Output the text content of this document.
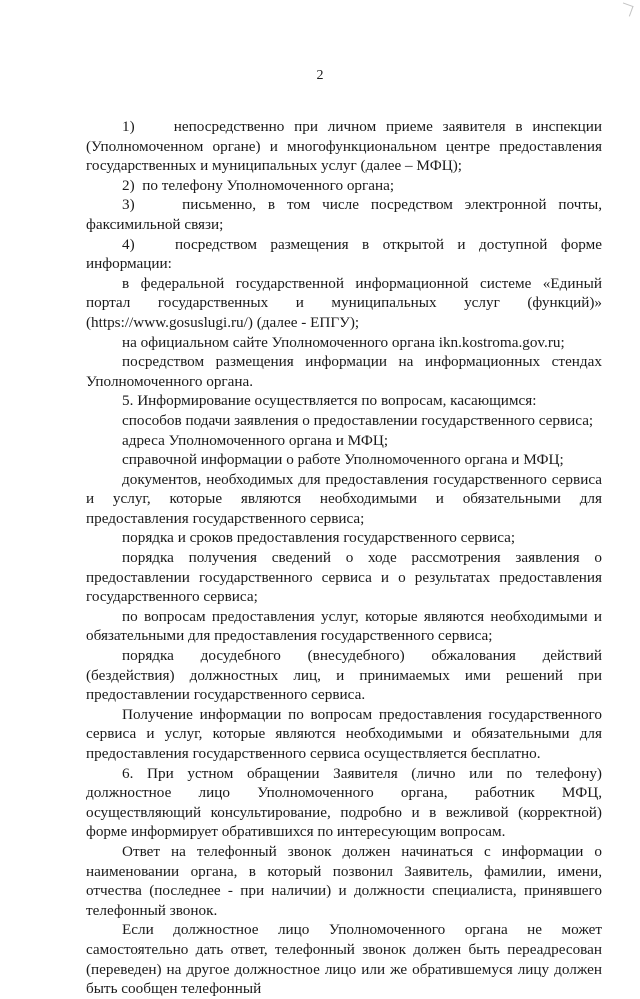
2

1)    непосредственно при личном приеме заявителя в инспекции (Уполномоченном органе) и многофункциональном центре предоставления государственных и муниципальных услуг (далее – МФЦ);

2)  по телефону Уполномоченного органа;

3)    письменно, в том числе посредством электронной почты, факсимильной связи;

4)   посредством размещения в открытой и доступной форме информации:

в федеральной государственной информационной системе «Единый портал государственных и муниципальных услуг (функций)» (https://www.gosuslugi.ru/) (далее - ЕПГУ);

на официальном сайте Уполномоченного органа ikn.kostroma.gov.ru;

посредством размещения информации на информационных стендах Уполномоченного органа.

5. Информирование осуществляется по вопросам, касающимся:

способов подачи заявления о предоставлении государственного сервиса;

адреса Уполномоченного органа и МФЦ;

справочной информации о работе Уполномоченного органа и МФЦ;

документов, необходимых для предоставления государственного сервиса и услуг, которые являются необходимыми и обязательными для предоставления государственного сервиса;

порядка и сроков предоставления государственного сервиса;

порядка получения сведений о ходе рассмотрения заявления о предоставлении государственного сервиса и о результатах предоставления государственного сервиса;

по вопросам предоставления услуг, которые являются необходимыми и обязательными для предоставления государственного сервиса;

порядка досудебного (внесудебного) обжалования действий (бездействия) должностных лиц, и принимаемых ими решений при предоставлении государственного сервиса.

Получение информации по вопросам предоставления государственного сервиса и услуг, которые являются необходимыми и обязательными для предоставления государственного сервиса осуществляется бесплатно.

6. При устном обращении Заявителя (лично или по телефону) должностное лицо Уполномоченного органа, работник МФЦ, осуществляющий консультирование, подробно и в вежливой (корректной) форме информирует обратившихся по интересующим вопросам.

Ответ на телефонный звонок должен начинаться с информации о наименовании органа, в который позвонил Заявитель, фамилии, имени, отчества (последнее - при наличии) и должности специалиста, принявшего телефонный звонок.

Если должностное лицо Уполномоченного органа не может самостоятельно дать ответ, телефонный звонок должен быть переадресован (переведен) на другое должностное лицо или же обратившемуся лицу должен быть сообщен телефонный
